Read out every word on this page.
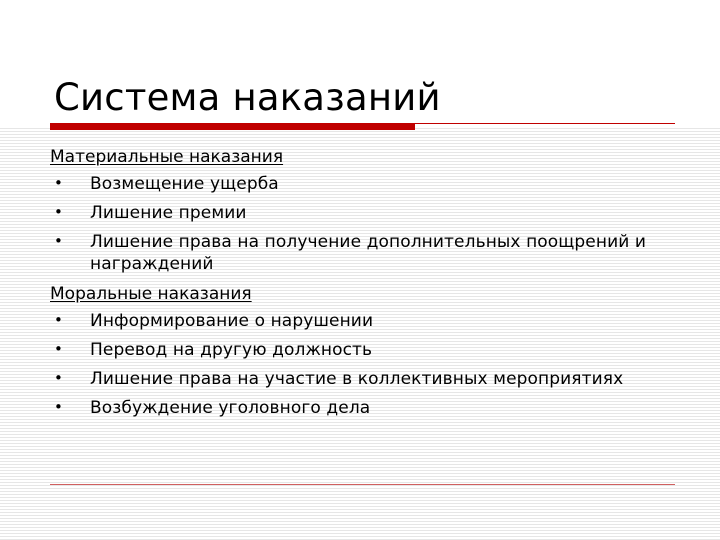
Система наказаний
Материальные наказания
• Возмещение ущерба
• Лишение премии
• Лишение права на получение дополнительных поощрений и награждений
Моральные наказания
• Информирование о нарушении
• Перевод на другую должность
• Лишение права на участие в коллективных мероприятиях
• Возбуждение уголовного дела
